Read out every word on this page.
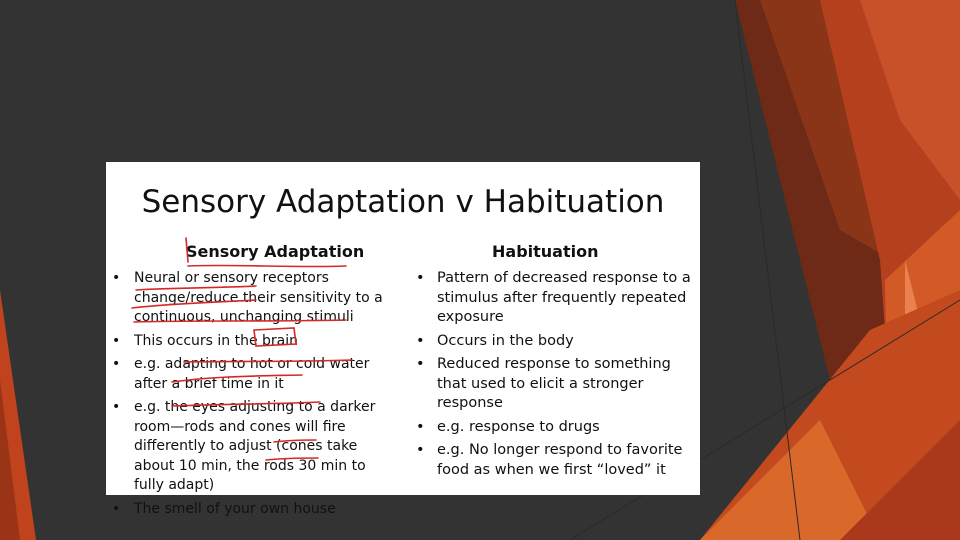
Sensory Adaptation v Habituation
Sensory Adaptation
• Neural or sensory receptors change/reduce their sensitivity to a continuous, unchanging stimuli
• This occurs in the brain
• e.g. adapting to hot or cold water after a brief time in it
• e.g. the eyes adjusting to a darker room—rods and cones will fire differently to adjust (cones take about 10 min, the rods 30 min to fully adapt)
• The smell of your own house
Habituation
• Pattern of decreased response to a stimulus after frequently repeated exposure
• Occurs in the body
• Reduced response to something that used to elicit a stronger response
• e.g. response to drugs
• e.g. No longer respond to favorite food as when we first “loved” it
